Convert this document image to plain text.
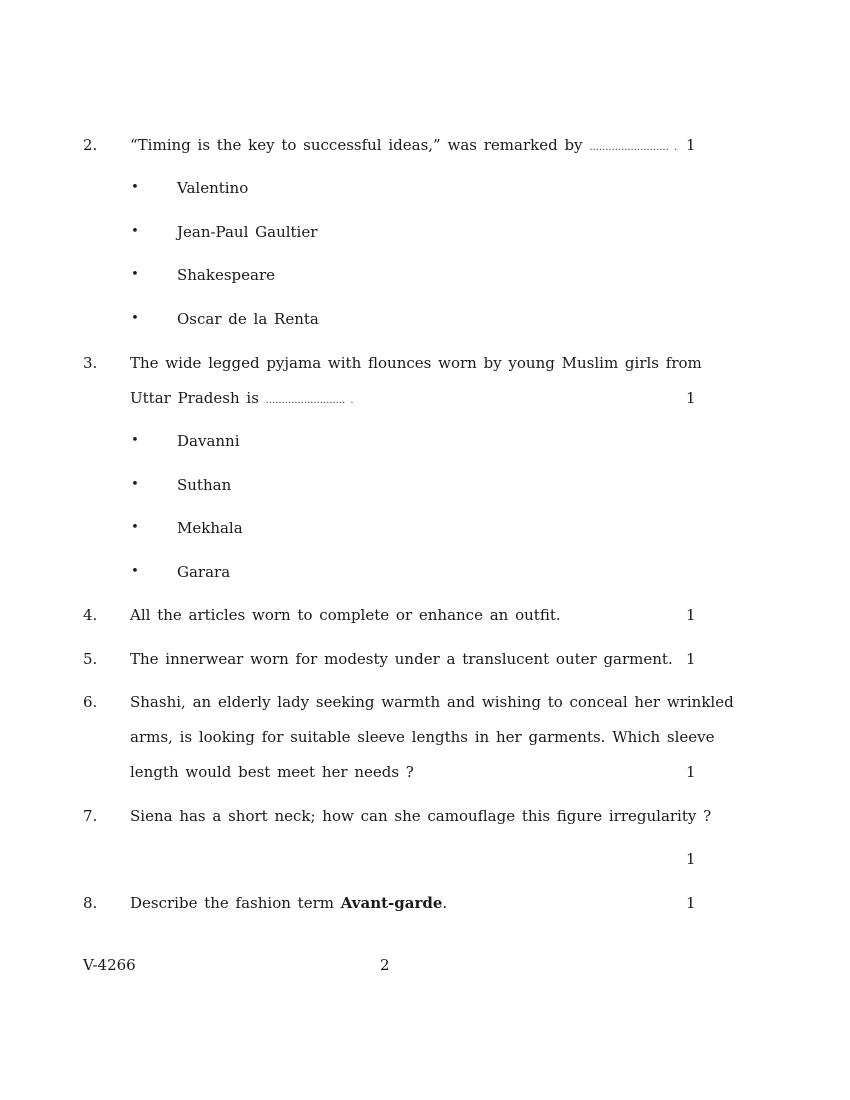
2. “Timing is the key to successful ideas,” was remarked by ......................... . 1
•	Valentino
•	Jean-Paul Gaultier
•	Shakespeare
•	Oscar de la Renta
3. The wide legged pyjama with flounces worn by young Muslim girls from
Uttar Pradesh is ......................... .	1
•	Davanni
•	Suthan
•	Mekhala
•	Garara
4. All the articles worn to complete or enhance an outfit.	1
5. The innerwear worn for modesty under a translucent outer garment. 1
6. Shashi, an elderly lady seeking warmth and wishing to conceal her wrinkled
arms, is looking for suitable sleeve lengths in her garments. Which sleeve
length would best meet her needs ?	1
7. Siena has a short neck; how can she camouflage this figure irregularity ?
1
8. Describe the fashion term Avant-garde.	1
V-4266	2
